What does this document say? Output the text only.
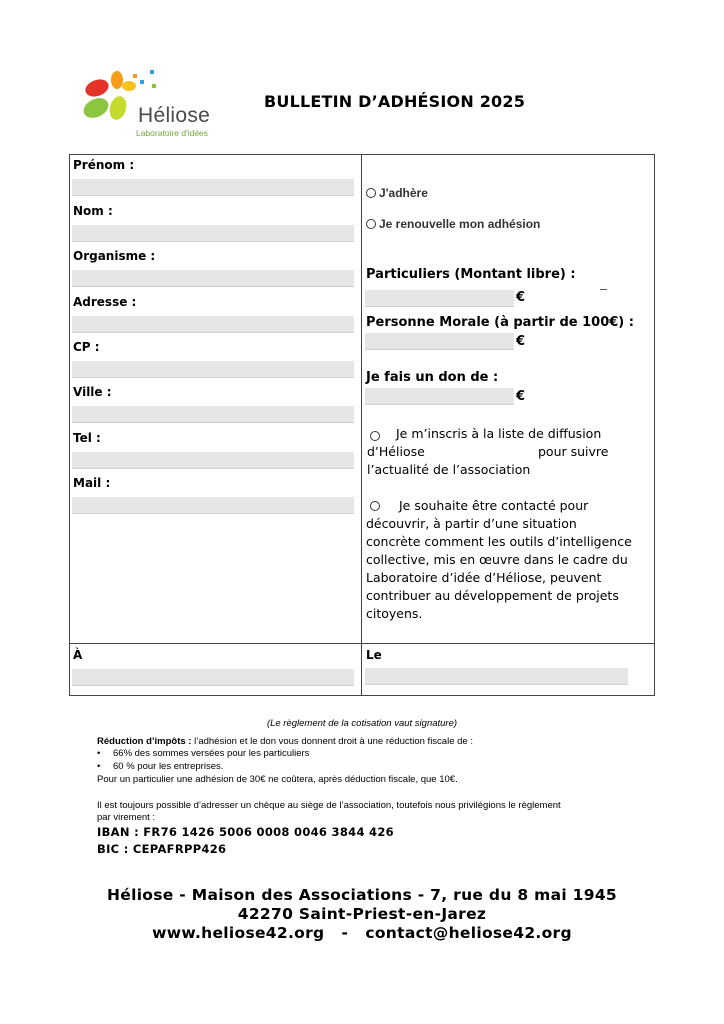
Héliose
Laboratoire d'idées
BULLETIN D’ADHÉSION 2025
Prénom :
Nom :
Organisme :
Adresse :
CP :
Ville :
Tel :
Mail :
J'adhère
Je renouvelle mon adhésion
Particuliers (Montant libre) :
€
Personne Morale (à partir de 100€) :
€
Je fais un don de :
€
Je m’inscris à la liste de diffusion
d’Héliose	pour suivre
l’actualité de l’association
Je souhaite être contacté pour
découvrir, à partir d’une situation
concrète comment les outils d’intelligence
collective, mis en œuvre dans le cadre du
Laboratoire d’idée d’Héliose, peuvent
contribuer au développement de projets
citoyens.
À	Le
(Le règlement de la cotisation vaut signature)
Réduction d’impôts : l’adhésion et le don vous donnent droit à une réduction fiscale de :
• 66% des sommes versées pour les particuliers
• 60 % pour les entreprises.
Pour un particulier une adhésion de 30€ ne coûtera, après déduction fiscale, que 10€.
Il est toujours possible d’adresser un chèque au siège de l’association, toutefois nous privilégions le règlement
par virement :
IBAN : FR76 1426 5006 0008 0046 3844 426
BIC : CEPAFRPP426
Héliose - Maison des Associations - 7, rue du 8 mai 1945
42270 Saint-Priest-en-Jarez
www.heliose42.org   -   contact@heliose42.org
